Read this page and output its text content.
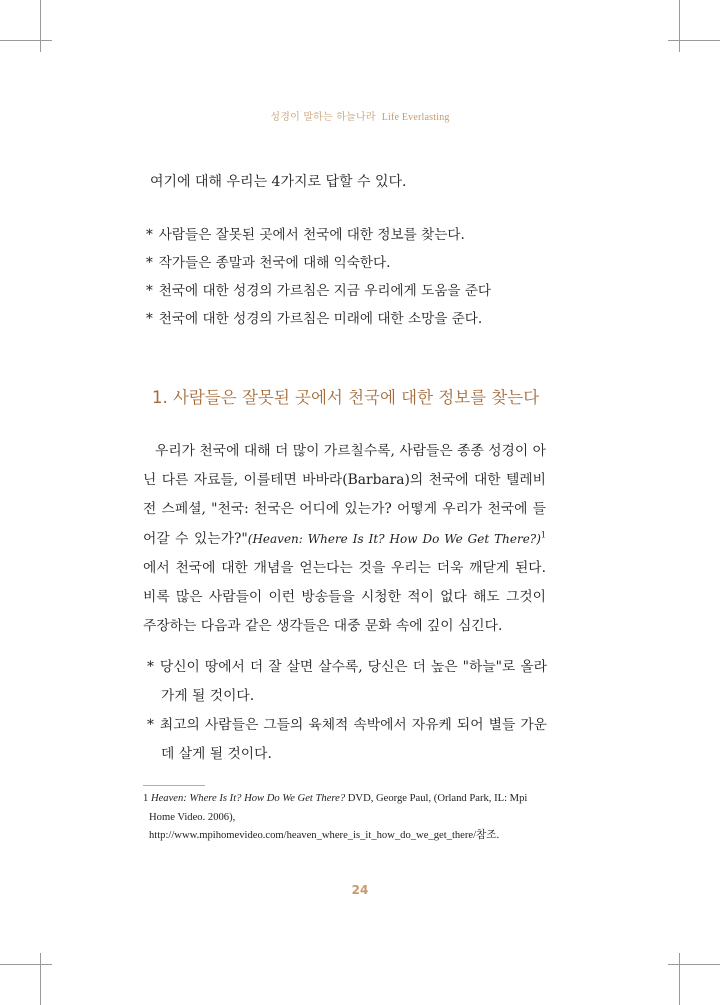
성경이 말하는 하늘나라 Life Everlasting
여기에 대해 우리는 4가지로 답할 수 있다.
* 사람들은 잘못된 곳에서 천국에 대한 정보를 찾는다.
* 작가들은 종말과 천국에 대해 익숙한다.
* 천국에 대한 성경의 가르침은 지금 우리에게 도움을 준다
* 천국에 대한 성경의 가르침은 미래에 대한 소망을 준다.
1. 사람들은 잘못된 곳에서 천국에 대한 정보를 찾는다

우리가 천국에 대해 더 많이 가르칠수록, 사람들은 종종 성경이 아닌 다른 자료들, 이를테면 바바라(Barbara)의 천국에 대한 텔레비전 스페셜, "천국: 천국은 어디에 있는가? 어떻게 우리가 천국에 들어갈 수 있는가?"(Heaven: Where Is It? How Do We Get There?)$^1$에서 천국에 대한 개념을 얻는다는 것을 우리는 더욱 깨닫게 된다. 비록 많은 사람들이 이런 방송들을 시청한 적이 없다 해도 그것이 주장하는 다음과 같은 생각들은 대중 문화 속에 깊이 심긴다.

* 당신이 땅에서 더 잘 살면 살수록, 당신은 더 높은 "하늘"로 올라가게 될 것이다.
* 최고의 사람들은 그들의 육체적 속박에서 자유케 되어 별들 가운데 살게 될 것이다.

1 Heaven: Where Is It? How Do We Get There? DVD, George Paul, (Orland Park, IL: Mpi Home Video. 2006), http://www.mpihomevideo.com/heaven_where_is_it_how_do_we_get_there/참조.

24
